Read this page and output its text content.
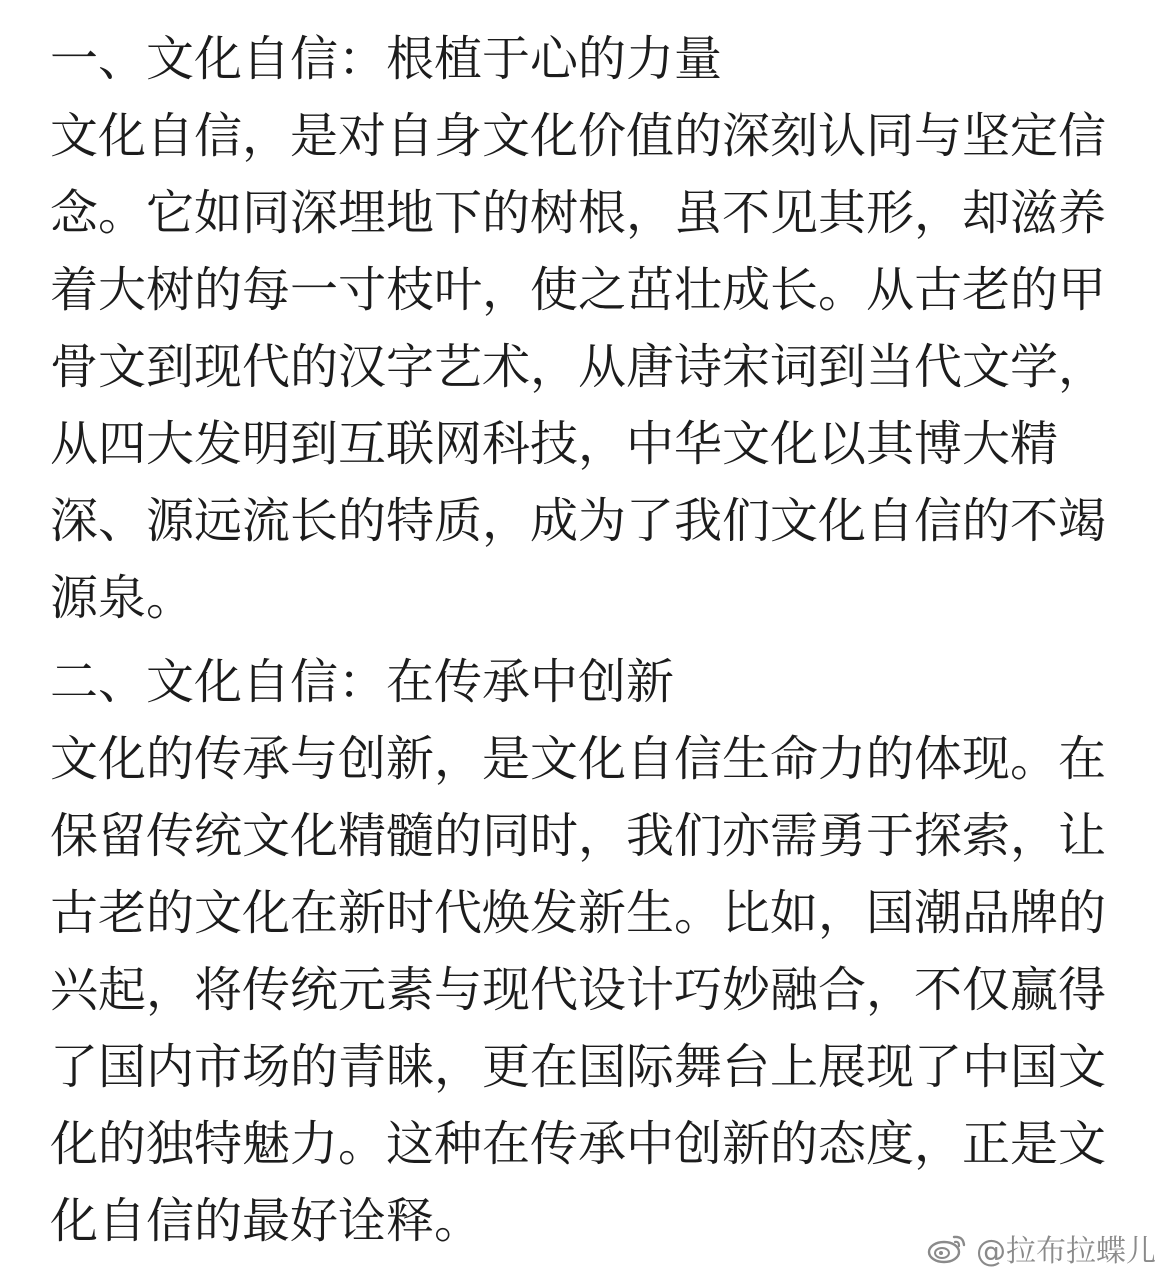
一、文化自信：根植于心的力量
文化自信，是对自身文化价值的深刻认同与坚定信
念。它如同深埋地下的树根，虽不见其形，却滋养
着大树的每一寸枝叶，使之茁壮成长。从古老的甲
骨文到现代的汉字艺术，从唐诗宋词到当代文学，
从四大发明到互联网科技，中华文化以其博大精
深、源远流长的特质，成为了我们文化自信的不竭
源泉。
二、文化自信：在传承中创新
文化的传承与创新，是文化自信生命力的体现。在
保留传统文化精髓的同时，我们亦需勇于探索，让
古老的文化在新时代焕发新生。比如，国潮品牌的
兴起，将传统元素与现代设计巧妙融合，不仅赢得
了国内市场的青睐，更在国际舞台上展现了中国文
化的独特魅力。这种在传承中创新的态度，正是文
化自信的最好诠释。
@拉布拉蝶儿
